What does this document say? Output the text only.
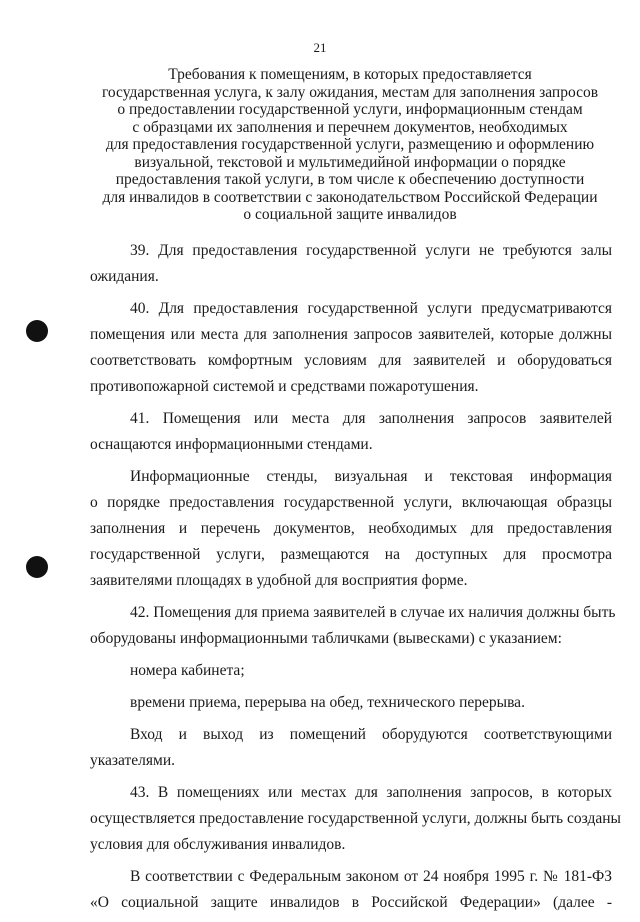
21
Требования к помещениям, в которых предоставляется
государственная услуга, к залу ожидания, местам для заполнения запросов
о предоставлении государственной услуги, информационным стендам
с образцами их заполнения и перечнем документов, необходимых
для предоставления государственной услуги, размещению и оформлению
визуальной, текстовой и мультимедийной информации о порядке
предоставления такой услуги, в том числе к обеспечению доступности
для инвалидов в соответствии с законодательством Российской Федерации
о социальной защите инвалидов
39. Для предоставления государственной услуги не требуются залы
ожидания.
40. Для предоставления государственной услуги предусматриваются
помещения или места для заполнения запросов заявителей, которые должны
соответствовать комфортным условиям для заявителей и оборудоваться
противопожарной системой и средствами пожаротушения.
41. Помещения или места для заполнения запросов заявителей
оснащаются информационными стендами.
Информационные стенды, визуальная и текстовая информация
о порядке предоставления государственной услуги, включающая образцы
заполнения и перечень документов, необходимых для предоставления
государственной услуги, размещаются на доступных для просмотра
заявителями площадях в удобной для восприятия форме.
42. Помещения для приема заявителей в случае их наличия должны быть
оборудованы информационными табличками (вывесками) с указанием:
номера кабинета;
времени приема, перерыва на обед, технического перерыва.
Вход и выход из помещений оборудуются соответствующими
указателями.
43. В помещениях или местах для заполнения запросов, в которых
осуществляется предоставление государственной услуги, должны быть созданы
условия для обслуживания инвалидов.
В соответствии с Федеральным законом от 24 ноября 1995 г. № 181-ФЗ
«О социальной защите инвалидов в Российской Федерации» (далее -
